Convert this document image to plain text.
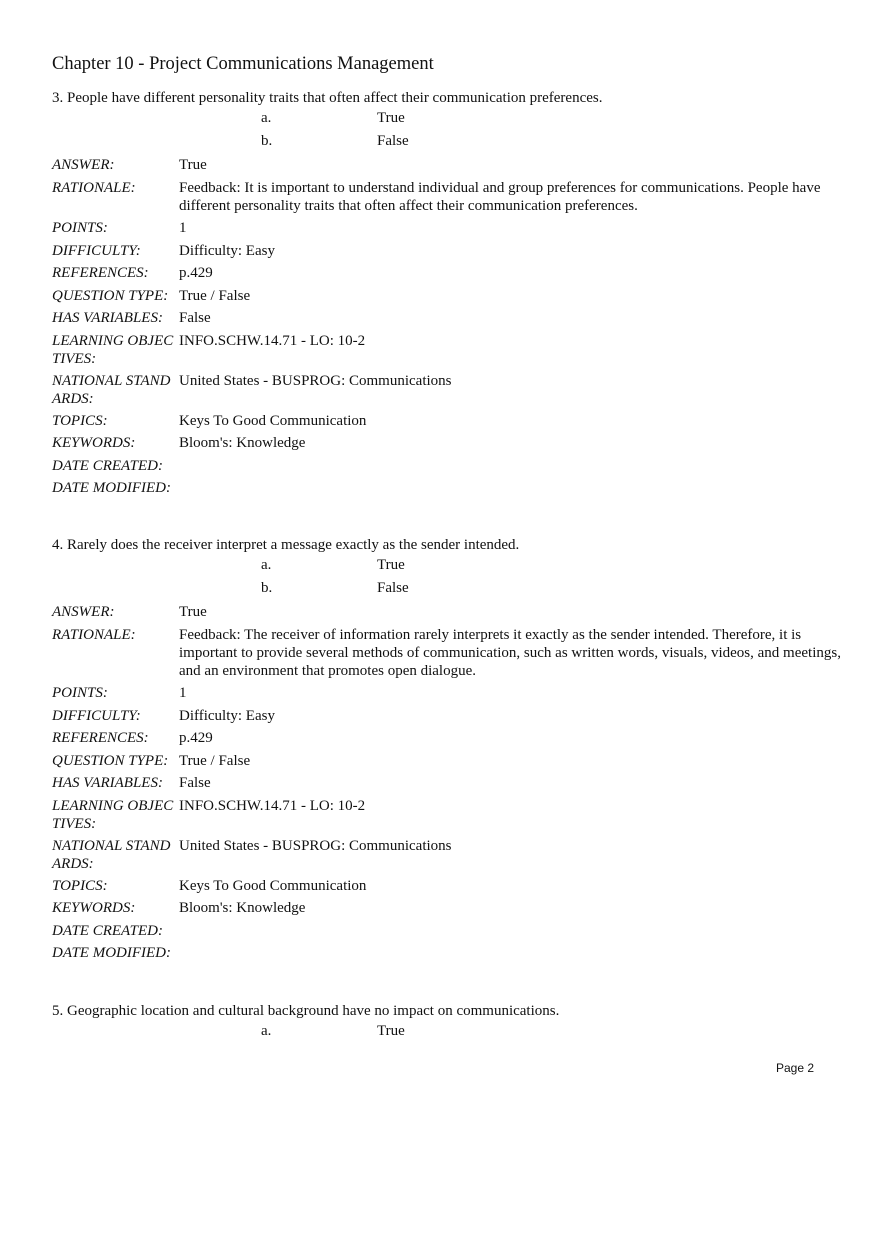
Chapter 10 - Project Communications Management
3. People have different personality traits that often affect their communication preferences.
a.	True
b.	False
ANSWER:	True
RATIONALE:	Feedback: It is important to understand individual and group preferences for communications. People have different personality traits that often affect their communication preferences.
POINTS:	1
DIFFICULTY:	Difficulty: Easy
REFERENCES:	p.429
QUESTION TYPE: True / False
HAS VARIABLES:	False
LEARNING OBJECTIVES:
INFO.SCHW.14.71 - LO: 10-2
NATIONAL STANDARDS:
United States - BUSPROG: Communications
TOPICS:	Keys To Good Communication
KEYWORDS:	Bloom's: Knowledge
DATE CREATED:
DATE MODIFIED:
4. Rarely does the receiver interpret a message exactly as the sender intended.
a.	True
b.	False
ANSWER:	True
RATIONALE:	Feedback: The receiver of information rarely interprets it exactly as the sender intended. Therefore, it is important to provide several methods of communication, such as written words, visuals, videos, and meetings, and an environment that promotes open dialogue.
POINTS:	1
DIFFICULTY:	Difficulty: Easy
REFERENCES:	p.429
QUESTION TYPE: True / False
HAS VARIABLES:	False
LEARNING OBJECTIVES:
INFO.SCHW.14.71 - LO: 10-2
NATIONAL STANDARDS:
United States - BUSPROG: Communications
TOPICS:	Keys To Good Communication
KEYWORDS:	Bloom's: Knowledge
DATE CREATED:
DATE MODIFIED:
5. Geographic location and cultural background have no impact on communications.
a.	True
Page 2
